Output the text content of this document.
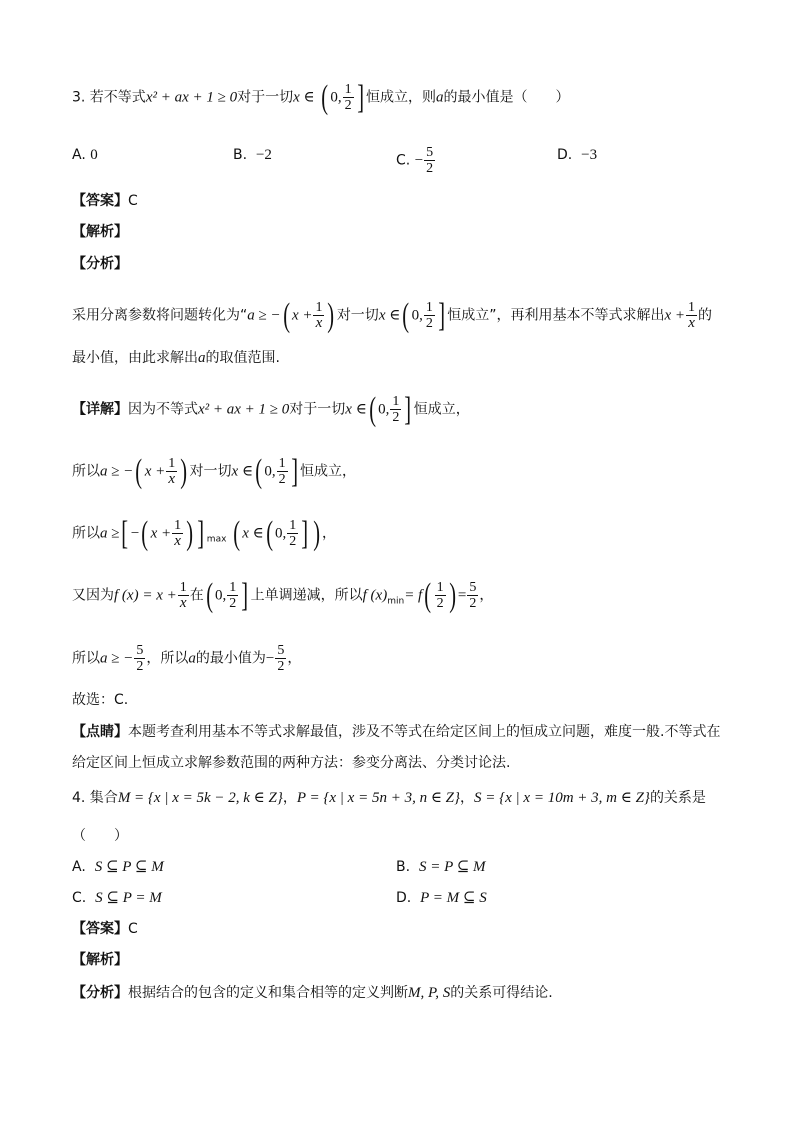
3. 若不等式x² + ax + 1 ≥ 0对于一切x ∈ ( 0, $\frac{1}{2}$ ] 恒成立，则a的最小值是（　　）
A. 0	B. −2	C. − $\frac{5}{2}$	D. −3
【答案】C
【解析】
【分析】
采用分离参数将问题转化为“a ≥ −( $x + \frac{1}{x}$ ) 对一切x ∈( 0, $\frac{1}{2}$ ] 恒成立”，再利用基本不等式求解出$x + \frac{1}{x}$ 的
最小值，由此求解出a的取值范围.
【详解】因为不等式x² + ax + 1 ≥ 0对于一切x ∈( 0, $\frac{1}{2}$ ] 恒成立，
所以a ≥ −( $x + \frac{1}{x}$ ) 对一切x ∈( 0, $\frac{1}{2}$ ] 恒成立，
所以a ≥[ −( $x + \frac{1}{x}$ ) ] $_{max}$ ( x ∈( 0, $\frac{1}{2}$ ] ) ，
又因为f $(x) = x + \frac{1}{x}$ 在( 0, $\frac{1}{2}$ ] 上单调递减，所以f $(x)_{min}= f( \frac{1}{2}$ ) = $\frac{5}{2}$ ，
所以a ≥ − $\frac{5}{2}$ ，所以a的最小值为− $\frac{5}{2}$ ，
故选：C.
【点睛】本题考查利用基本不等式求解最值，涉及不等式在给定区间上的恒成立问题，难度一般.不等式在
给定区间上恒成立求解参数范围的两种方法：参变分离法、分类讨论法.
4. 集合M = {x | x = 5k − 2, k ∈ Z}，P = {x | x = 5n + 3, n ∈ Z}，S = {x | x = 10m + 3, m ∈ Z}的关系是
（　　）
A. S ⊆ P ⊆ M	B. S = P ⊆ M
C. S ⊆ P = M	D. P = M ⊆ S
【答案】C
【解析】
【分析】根据结合的包含的定义和集合相等的定义判断M, P, S的关系可得结论.
